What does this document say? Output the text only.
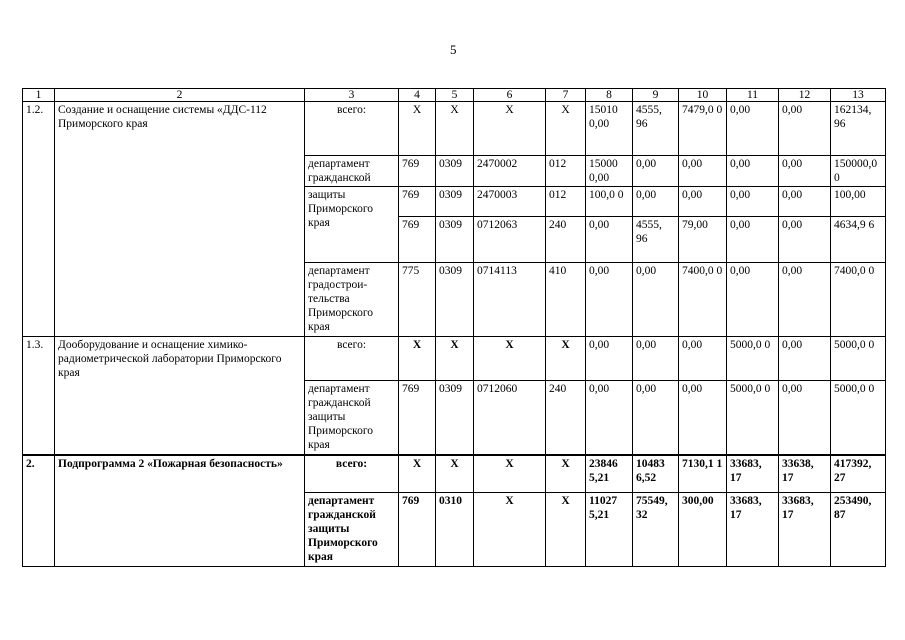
5
1	2	3	4	5	6	7	8	9	10	11	12	13
1.2.	Создание и оснащение системы «ДДС-112 Приморского края	всего:	X	X	X	X	15010 0,00	4555, 96	7479,0 0	0,00	0,00	162134, 96
		департамент гражданской	769	0309	2470002	012	15000 0,00	0,00	0,00	0,00	0,00	150000,0 0
		защиты Приморского края	769	0309	2470003	012	100,0 0	0,00	0,00	0,00	0,00	100,00
			769	0309	0712063	240	0,00	4555, 96	79,00	0,00	0,00	4634,9 6
		департамент градострои- тельства Приморского края	775	0309	0714113	410	0,00	0,00	7400,0 0	0,00	0,00	7400,0 0
1.3.	Дооборудование и оснащение химико-радиометрической лаборатории Приморского края	всего:	X	X	X	X	0,00	0,00	0,00	5000,0 0	0,00	5000,0 0
		департамент гражданской защиты Приморского края	769	0309	0712060	240	0,00	0,00	0,00	5000,0 0	0,00	5000,0 0
2.	Подпрограмма 2 «Пожарная безопасность»	всего:	X	X	X	X	23846 5,21	10483 6,52	7130,1 1	33683, 17	33638, 17	417392, 27
		департамент гражданской защиты Приморского края	769	0310	X	X	11027 5,21	75549, 32	300,00	33683, 17	33683, 17	253490, 87
